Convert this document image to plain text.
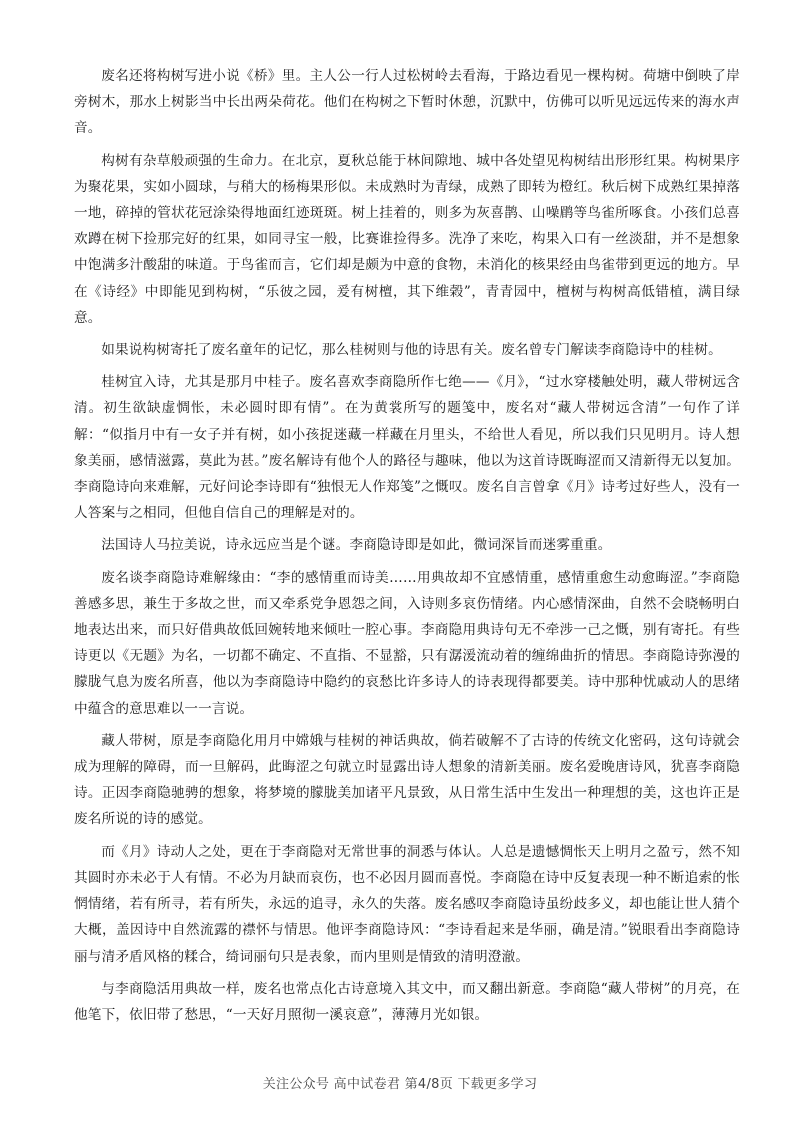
废名还将构树写进小说《桥》里。主人公一行人过松树岭去看海，于路边看见一棵构树。荷塘中倒映了岸旁树木，那水上树影当中长出两朵荷花。他们在构树之下暂时休憩，沉默中，仿佛可以听见远远传来的海水声音。

构树有杂草般顽强的生命力。在北京，夏秋总能于林间隙地、城中各处望见构树结出形形红果。构树果序为聚花果，实如小圆球，与稍大的杨梅果形似。未成熟时为青绿，成熟了即转为橙红。秋后树下成熟红果掉落一地，碎掉的管状花冠涂染得地面红迹斑斑。树上挂着的，则多为灰喜鹊、山噪鹛等鸟雀所啄食。小孩们总喜欢蹲在树下捡那完好的红果，如同寻宝一般，比赛谁捡得多。洗净了来吃，构果入口有一丝淡甜，并不是想象中饱满多汁酸甜的味道。于鸟雀而言，它们却是颇为中意的食物，未消化的核果经由鸟雀带到更远的地方。早在《诗经》中即能见到构树，“乐彼之园，爰有树檀，其下维榖”，青青园中，檀树与构树高低错植，满目绿意。

如果说构树寄托了废名童年的记忆，那么桂树则与他的诗思有关。废名曾专门解读李商隐诗中的桂树。

桂树宜入诗，尤其是那月中桂子。废名喜欢李商隐所作七绝——《月》，“过水穿楼触处明，藏人带树远含清。初生欲缺虚惆怅，未必圆时即有情”。在为黄裳所写的题笺中，废名对“藏人带树远含清”一句作了详解：“似指月中有一女子并有树，如小孩捉迷藏一样藏在月里头，不给世人看见，所以我们只见明月。诗人想象美丽，感情滋露，莫此为甚。”废名解诗有他个人的路径与趣味，他以为这首诗既晦涩而又清新得无以复加。李商隐诗向来难解，元好问论李诗即有“独恨无人作郑笺”之慨叹。废名自言曾拿《月》诗考过好些人，没有一人答案与之相同，但他自信自己的理解是对的。

法国诗人马拉美说，诗永远应当是个谜。李商隐诗即是如此，微词深旨而迷雾重重。

废名谈李商隐诗难解缘由：“李的感情重而诗美……用典故却不宜感情重，感情重愈生动愈晦涩。”李商隐善感多思，兼生于多故之世，而又牵系党争恩怨之间，入诗则多哀伤情绪。内心感情深曲，自然不会晓畅明白地表达出来，而只好借典故低回婉转地来倾吐一腔心事。李商隐用典诗句无不牵涉一己之慨，别有寄托。有些诗更以《无题》为名，一切都不确定、不直指、不显豁，只有潺湲流动着的缠绵曲折的情思。李商隐诗弥漫的朦胧气息为废名所喜，他以为李商隐诗中隐约的哀愁比许多诗人的诗表现得都要美。诗中那种忧戚动人的思绪中蕴含的意思难以一一言说。

藏人带树，原是李商隐化用月中嫦娥与桂树的神话典故，倘若破解不了古诗的传统文化密码，这句诗就会成为理解的障碍，而一旦解码，此晦涩之句就立时显露出诗人想象的清新美丽。废名爱晚唐诗风，犹喜李商隐诗。正因李商隐驰骋的想象，将梦境的朦胧美加诸平凡景致，从日常生活中生发出一种理想的美，这也许正是废名所说的诗的感觉。

而《月》诗动人之处，更在于李商隐对无常世事的洞悉与体认。人总是遗憾惆怅天上明月之盈亏，然不知其圆时亦未必于人有情。不必为月缺而哀伤，也不必因月圆而喜悦。李商隐在诗中反复表现一种不断追索的怅惘情绪，若有所寻，若有所失，永远的追寻，永久的失落。废名感叹李商隐诗虽纷歧多义，却也能让世人猜个大概，盖因诗中自然流露的襟怀与情思。他评李商隐诗风：“李诗看起来是华丽，确是清。”锐眼看出李商隐诗丽与清矛盾风格的糅合，绮词丽句只是表象，而内里则是情致的清明澄澈。

与李商隐活用典故一样，废名也常点化古诗意境入其文中，而又翻出新意。李商隐“藏人带树”的月亮，在他笔下，依旧带了愁思，“一天好月照彻一溪哀意”，薄薄月光如银。

关注公众号 高中试卷君 第4/8页 下载更多学习
